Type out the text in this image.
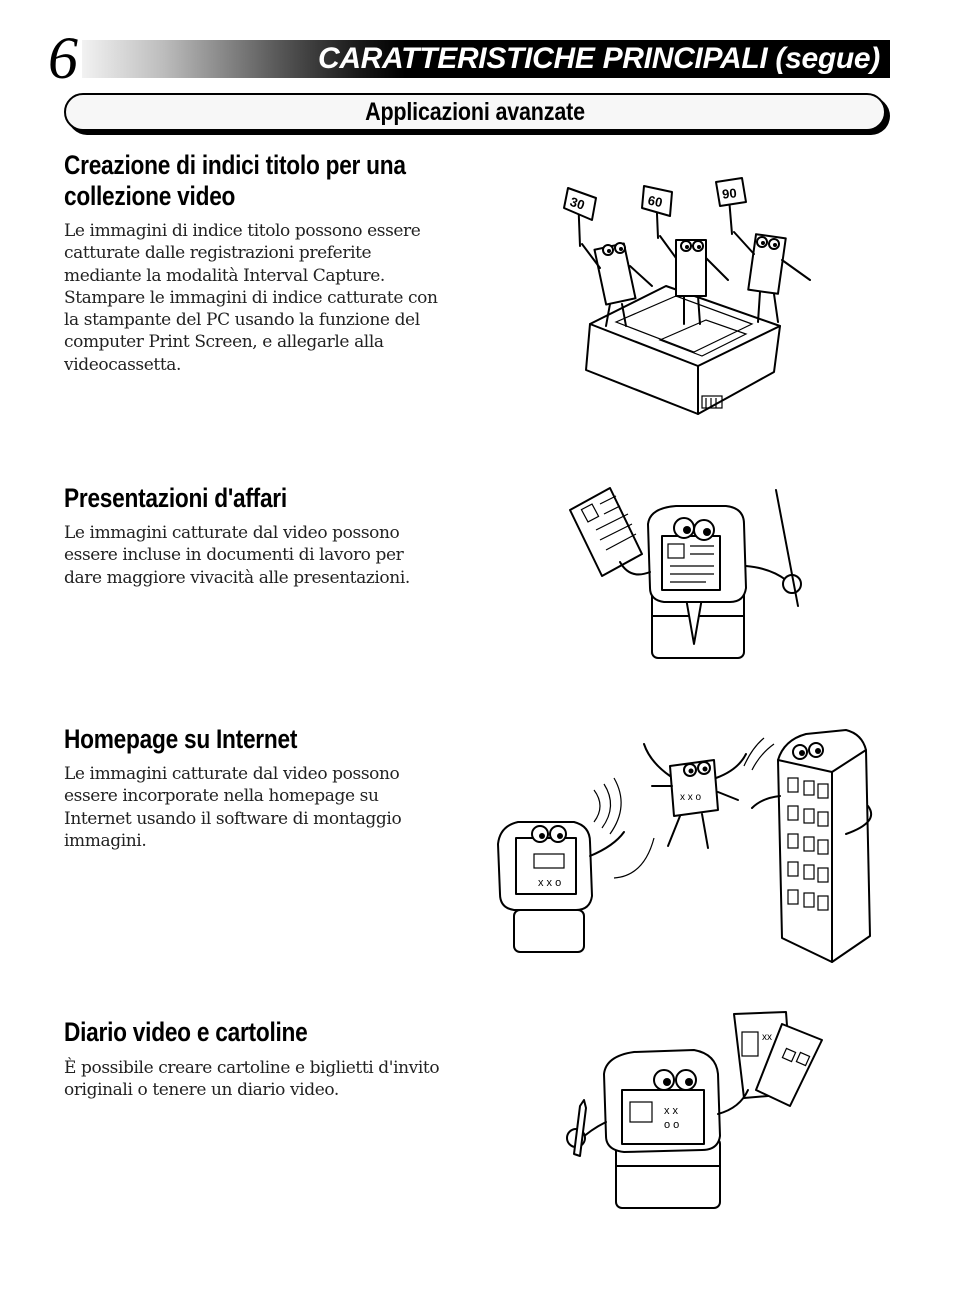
6	CARATTERISTICHE PRINCIPALI (segue)
Applicazioni avanzate
Creazione di indici titolo per una
collezione video

Le immagini di indice titolo possono essere
catturate dalle registrazioni preferite
mediante la modalità Interval Capture.
Stampare le immagini di indice catturate con
la stampante del PC usando la funzione del
computer Print Screen, e allegarle alla
videocassetta.

Presentazioni d'affari

Le immagini catturate dal video possono
essere incluse in documenti di lavoro per
dare maggiore vivacità alle presentazioni.

Homepage su Internet

Le immagini catturate dal video possono
essere incorporate nella homepage su
Internet usando il software di montaggio
immagini.

Diario video e cartoline

È possibile creare cartoline e biglietti d'invito
originali o tenere un diario video.

30	60	90
x x o
x x o
xx
x x
o o
